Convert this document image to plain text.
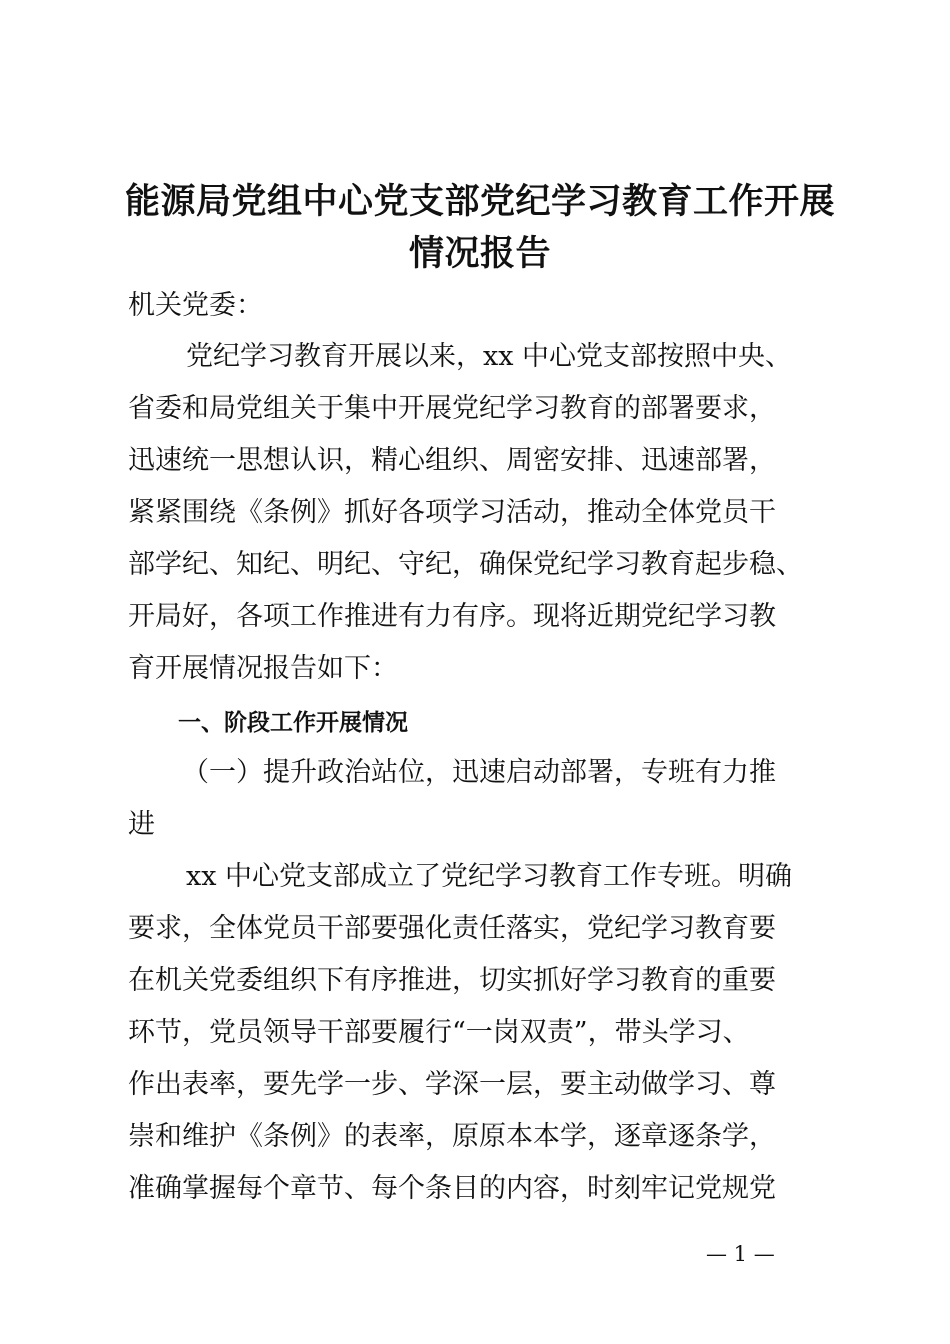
能源局党组中心党支部党纪学习教育工作开展
情况报告

机关党委：

党纪学习教育开展以来，xx 中心党支部按照中央、

省委和局党组关于集中开展党纪学习教育的部署要求，

迅速统一思想认识，精心组织、周密安排、迅速部署，

紧紧围绕《条例》抓好各项学习活动，推动全体党员干

部学纪、知纪、明纪、守纪，确保党纪学习教育起步稳、

开局好，各项工作推进有力有序。现将近期党纪学习教

育开展情况报告如下：

一、阶段工作开展情况

（一）提升政治站位，迅速启动部署，专班有力推

进

xx 中心党支部成立了党纪学习教育工作专班。明确

要求，全体党员干部要强化责任落实，党纪学习教育要

在机关党委组织下有序推进，切实抓好学习教育的重要

环节，党员领导干部要履行“一岗双责”，带头学习、

作出表率，要先学一步、学深一层，要主动做学习、尊

崇和维护《条例》的表率，原原本本学，逐章逐条学，

准确掌握每个章节、每个条目的内容，时刻牢记党规党

— 1 —
